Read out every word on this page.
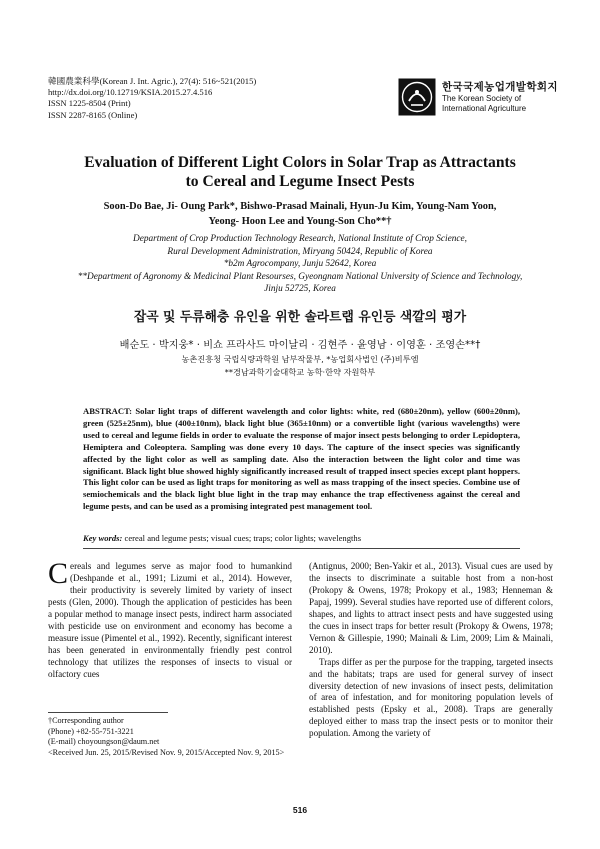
韓國農業科學(Korean J. Int. Agric.), 27(4): 516~521(2015)
http://dx.doi.org/10.12719/KSIA.2015.27.4.516
ISSN 1225-8504 (Print)
ISSN 2287-8165 (Online)
한국국제농업개발학회지
The Korean Society of International Agriculture
Evaluation of Different Light Colors in Solar Trap as Attractants
to Cereal and Legume Insect Pests
Soon-Do Bae, Ji- Oung Park*, Bishwo-Prasad Mainali, Hyun-Ju Kim, Young-Nam Yoon,
Yeong- Hoon Lee and Young-Son Cho**†
Department of Crop Production Technology Research, National Institute of Crop Science,
Rural Development Administration, Miryang 50424, Republic of Korea
*b2m Agrocompany, Junju 52642, Korea
**Department of Agronomy & Medicinal Plant Resourses, Gyeongnam National University of Science and Technology,
Jinju 52725, Korea
잡곡 및 두류해충 유인을 위한 솔라트랩 유인등 색깔의 평가
배순도 · 박지웅* · 비쇼 프라사드 마이날리 · 김현주 · 윤영남 · 이영훈 · 조영손**†
농촌진흥청 국립식량과학원 남부작물부, *농업회사법인 (주)비투엠
**경남과학기술대학교 농학·한약 자원학부
ABSTRACT: Solar light traps of different wavelength and color lights: white, red (680±20nm), yellow (600±20nm), green (525±25nm), blue (400±10nm), black light blue (365±10nm) or a convertible light (various wavelengths) were used to cereal and legume fields in order to evaluate the response of major insect pests belonging to order Lepidoptera, Hemiptera and Coleoptera. Sampling was done every 10 days. The capture of the insect species was significantly affected by the light color as well as sampling date. Also the interaction between the light color and time was significant. Black light blue showed highly significantly increased result of trapped insect species except plant hoppers. This light color can be used as light traps for monitoring as well as mass trapping of the insect species. Combine use of semiochemicals and the black light blue light in the trap may enhance the trap effectiveness against the cereal and legume pests, and can be used as a promising integrated pest management tool.
Key words: cereal and legume pests; visual cues; traps; color lights; wavelengths

Cereals and legumes serve as major food to humankind (Deshpande et al., 1991; Lizumi et al., 2014). However, their productivity is severely limited by variety of insect pests (Glen, 2000). Though the application of pesticides has been a popular method to manage insect pests, indirect harm associated with pesticide use on environment and economy has become a measure issue (Pimentel et al., 1992). Recently, significant interest has been generated in environmentally friendly pest control technology that utilizes the responses of insects to visual or olfactory cues

(Antignus, 2000; Ben-Yakir et al., 2013). Visual cues are used by the insects to discriminate a suitable host from a non-host (Prokopy & Owens, 1978; Prokopy et al., 1983; Henneman & Papaj, 1999). Several studies have reported use of different colors, shapes, and lights to attract insect pests and have suggested using the cues in insect traps for better result (Prokopy & Owens, 1978; Vernon & Gillespie, 1990; Mainali & Lim, 2009; Lim & Mainali, 2010).

Traps differ as per the purpose for the trapping, targeted insects and the habitats; traps are used for general survey of insect diversity detection of new invasions of insect pests, delimitation of area of infestation, and for monitoring population levels of established pests (Epsky et al., 2008). Traps are generally deployed either to mass trap the insect pests or to monitor their population. Among the variety of

†Corresponding author
(Phone) +82-55-751-3221
(E-mail) choyoungson@daum.net
<Received Jun. 25, 2015/Revised Nov. 9, 2015/Accepted Nov. 9, 2015>
516
